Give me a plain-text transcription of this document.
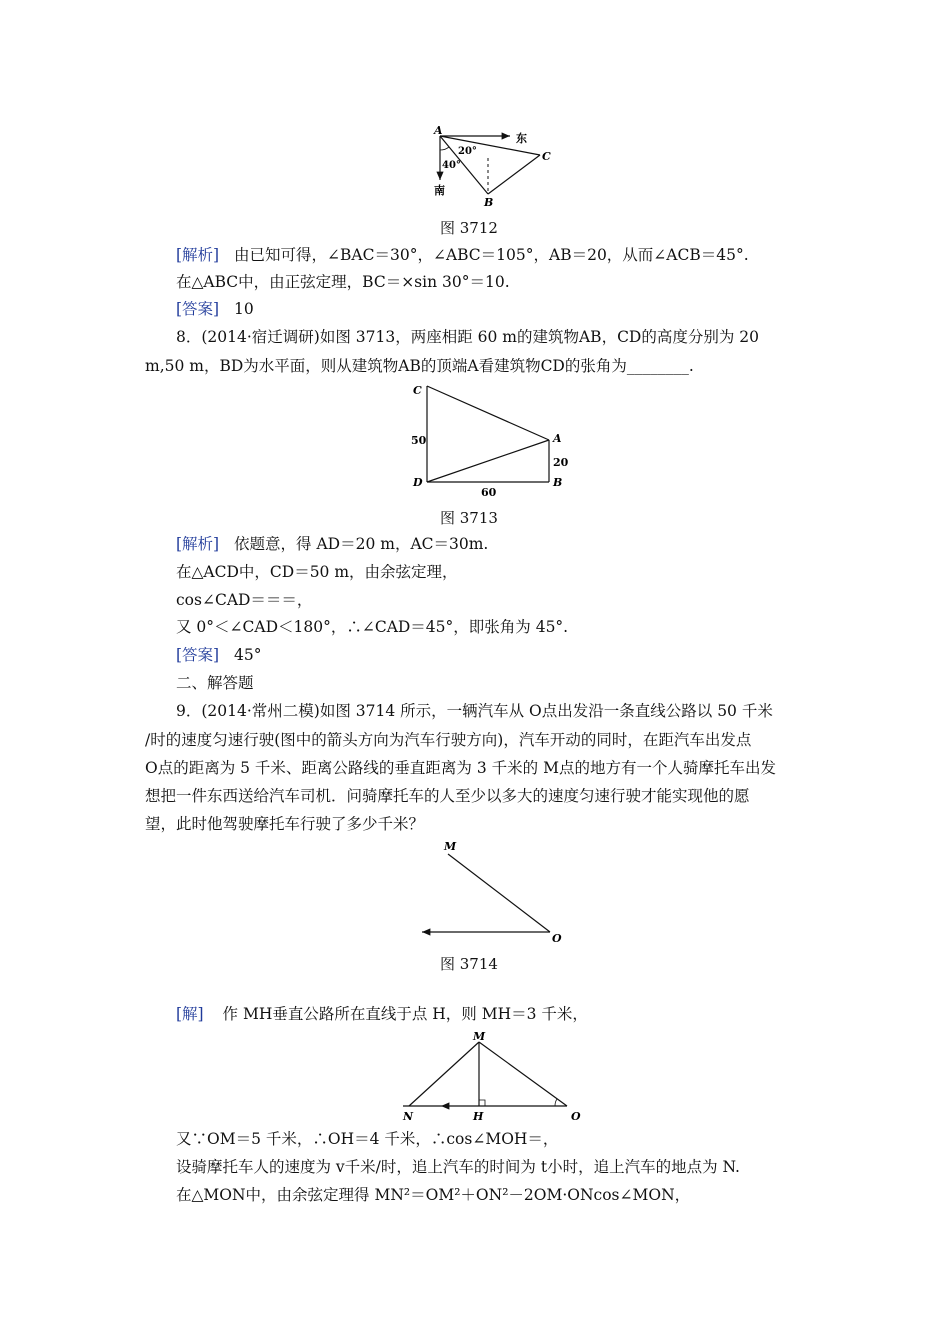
A
B
C
东
南
20°
40°
图 3712
[解析] 由已知可得，∠BAC＝30°，∠ABC＝105°，AB＝20，从而∠ACB＝45°.
在△ABC中，由正弦定理，BC＝×sin 30°＝10.
[答案] 10
8．(2014·宿迁调研)如图 3713，两座相距 60 m的建筑物AB，CD的高度分别为 20
m,50 m，BD为水平面，则从建筑物AB的顶端A看建筑物CD的张角为________.
C
D
A
B
50
20
60
图 3713
[解析] 依题意，得 AD＝20 m，AC＝30m.
在△ACD中，CD＝50 m，由余弦定理，
cos∠CAD＝＝＝，
又 0°＜∠CAD＜180°，∴∠CAD＝45°，即张角为 45°.
[答案] 45°
二、解答题
9．(2014·常州二模)如图 3714 所示，一辆汽车从 O点出发沿一条直线公路以 50 千米
/时的速度匀速行驶(图中的箭头方向为汽车行驶方向)，汽车开动的同时，在距汽车出发点
O点的距离为 5 千米、距离公路线的垂直距离为 3 千米的 M点的地方有一个人骑摩托车出发
想把一件东西送给汽车司机．问骑摩托车的人至少以多大的速度匀速行驶才能实现他的愿
望，此时他驾驶摩托车行驶了多少千米？
M
O
图 3714
[解] 作 MH垂直公路所在直线于点 H，则 MH＝3 千米，
M
N	H	O
又∵OM＝5 千米，∴OH＝4 千米，∴cos∠MOH＝，
设骑摩托车人的速度为 v千米/时，追上汽车的时间为 t小时，追上汽车的地点为 N.
在△MON中，由余弦定理得 MN²＝OM²＋ON²－2OM·ONcos∠MON，
